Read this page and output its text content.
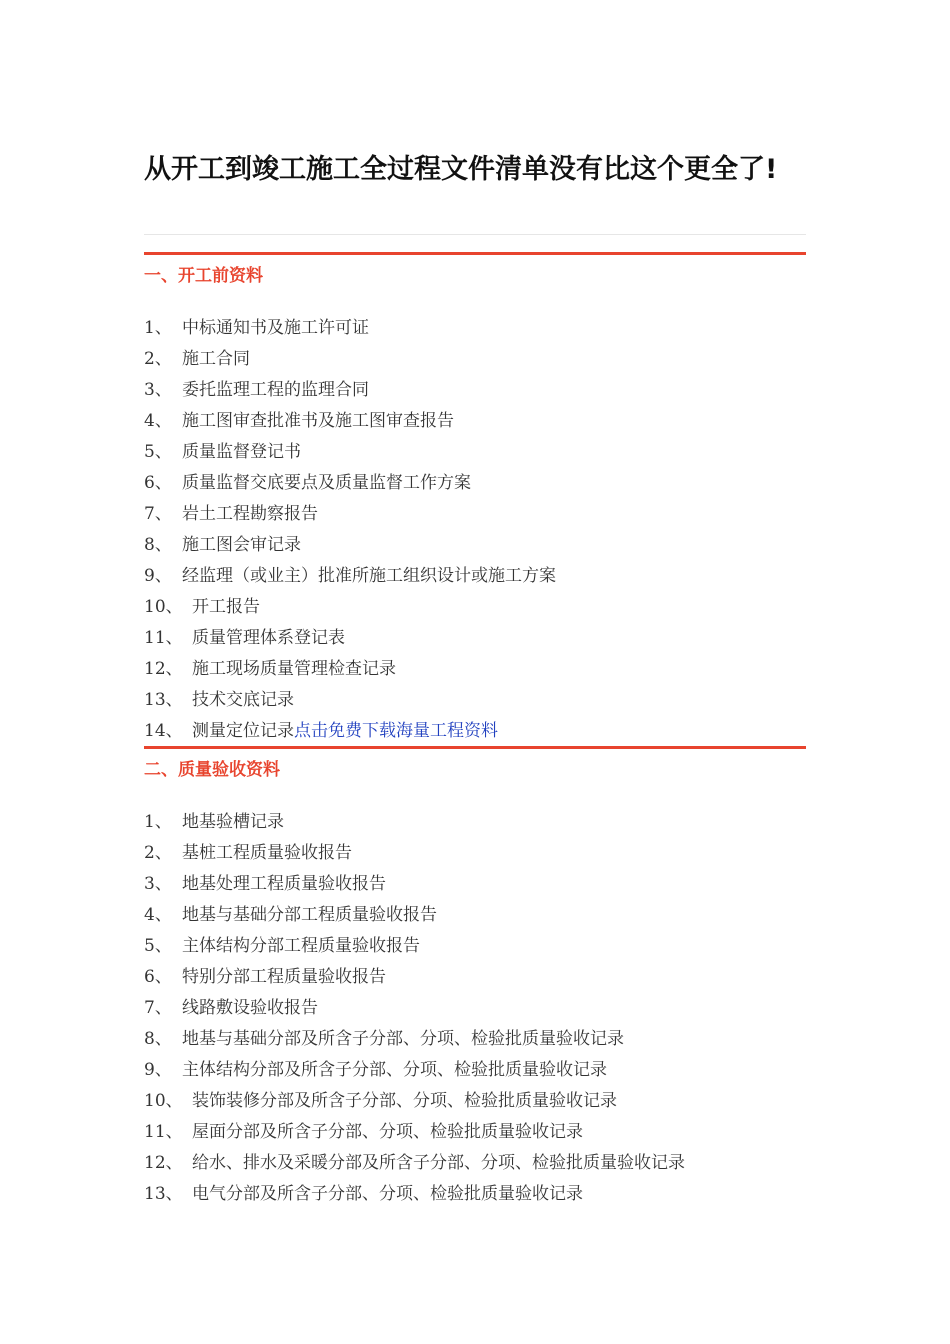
从开工到竣工施工全过程文件清单没有比这个更全了!
一、开工前资料
1、 中标通知书及施工许可证
2、 施工合同
3、 委托监理工程的监理合同
4、 施工图审查批准书及施工图审查报告
5、 质量监督登记书
6、 质量监督交底要点及质量监督工作方案
7、 岩土工程勘察报告
8、 施工图会审记录
9、 经监理（或业主）批准所施工组织设计或施工方案
10、 开工报告
11、 质量管理体系登记表
12、 施工现场质量管理检查记录
13、 技术交底记录
14、 测量定位记录点击免费下载海量工程资料
二、质量验收资料
1、 地基验槽记录
2、 基桩工程质量验收报告
3、 地基处理工程质量验收报告
4、 地基与基础分部工程质量验收报告
5、 主体结构分部工程质量验收报告
6、 特别分部工程质量验收报告
7、 线路敷设验收报告
8、 地基与基础分部及所含子分部、分项、检验批质量验收记录
9、 主体结构分部及所含子分部、分项、检验批质量验收记录
10、 装饰装修分部及所含子分部、分项、检验批质量验收记录
11、 屋面分部及所含子分部、分项、检验批质量验收记录
12、 给水、排水及采暖分部及所含子分部、分项、检验批质量验收记录
13、 电气分部及所含子分部、分项、检验批质量验收记录
